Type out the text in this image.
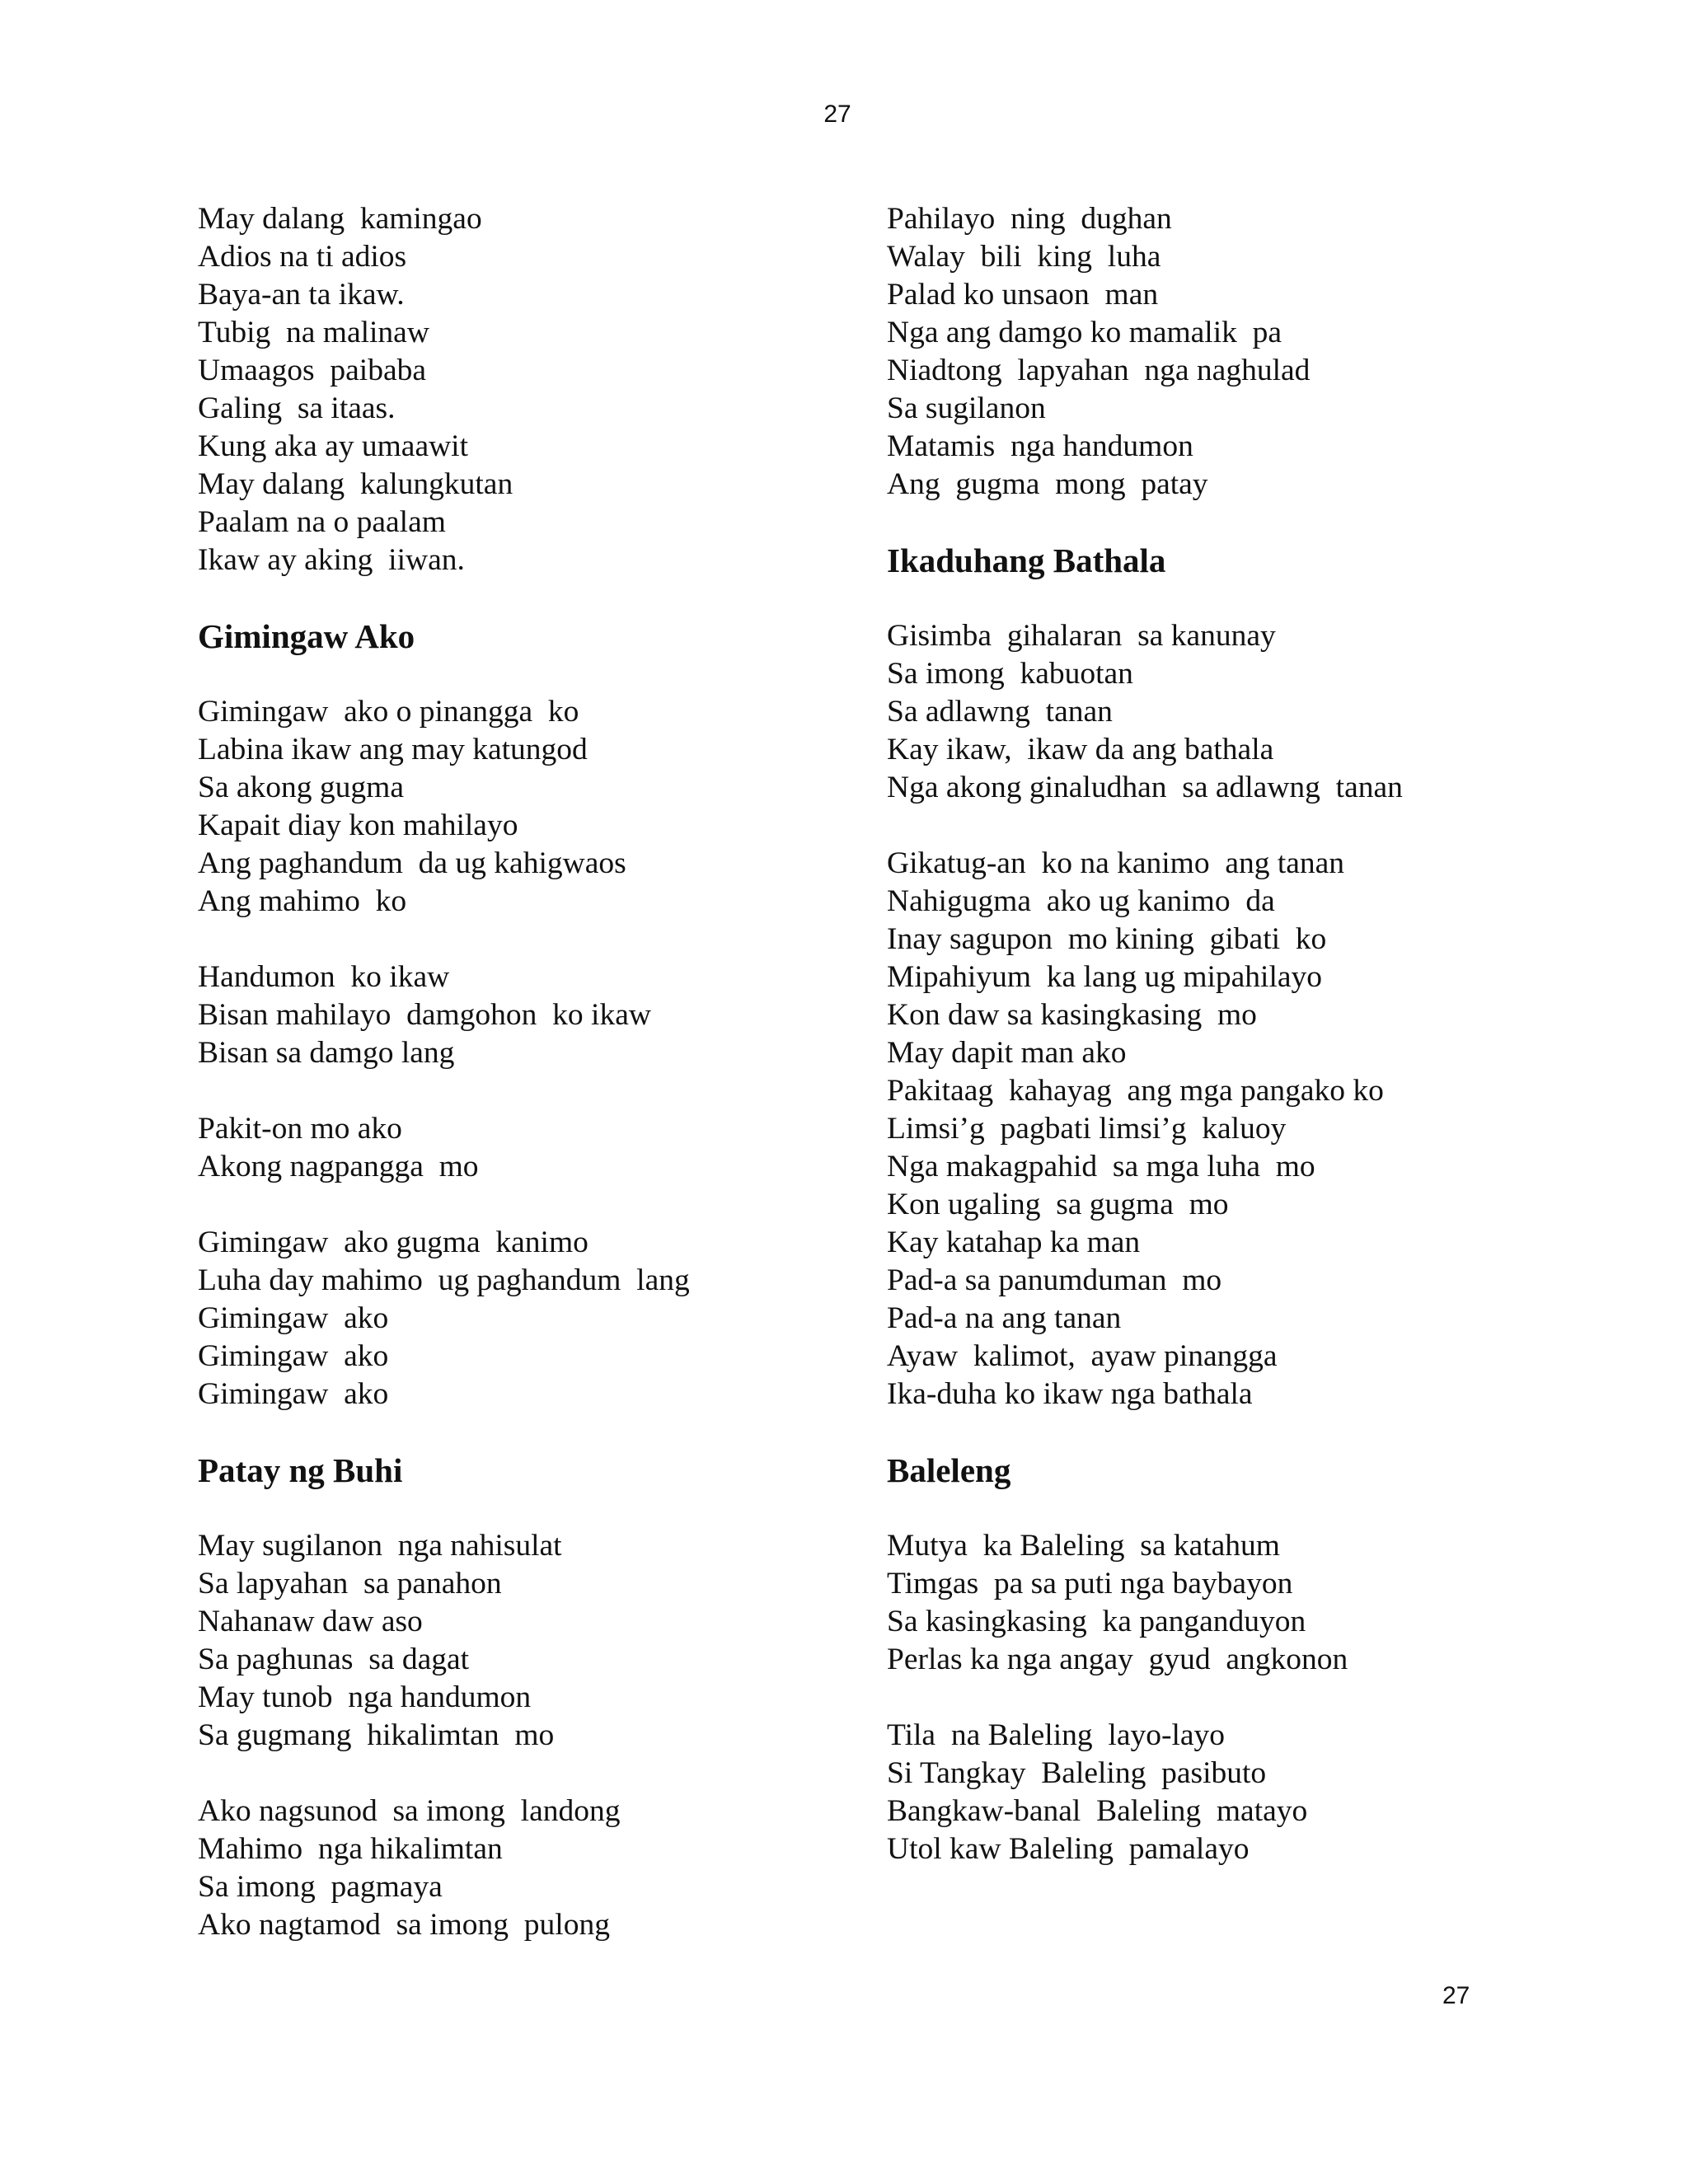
27
May dalang  kamingao
Adios na ti adios
Baya-an ta ikaw.
Tubig  na malinaw
Umaagos  paibaba
Galing  sa itaas.
Kung aka ay umaawit
May dalang  kalungkutan
Paalam na o paalam
Ikaw ay aking  iiwan.
Gimingaw Ako
Gimingaw  ako o pinangga  ko
Labina ikaw ang may katungod
Sa akong gugma
Kapait diay kon mahilayo
Ang paghandum  da ug kahigwaos
Ang mahimo  ko
Handumon  ko ikaw
Bisan mahilayo  damgohon  ko ikaw
Bisan sa damgo lang
Pakit-on mo ako
Akong nagpangga  mo
Gimingaw  ako gugma  kanimo
Luha day mahimo  ug paghandum  lang
Gimingaw  ako
Gimingaw  ako
Gimingaw  ako
Patay ng Buhi
May sugilanon  nga nahisulat
Sa lapyahan  sa panahon
Nahanaw daw aso
Sa paghunas  sa dagat
May tunob  nga handumon
Sa gugmang  hikalimtan  mo
Ako nagsunod  sa imong  landong
Mahimo  nga hikalimtan
Sa imong  pagmaya
Ako nagtamod  sa imong  pulong
Pahilayo  ning  dughan
Walay  bili  king  luha
Palad ko unsaon  man
Nga ang damgo ko mamalik  pa
Niadtong  lapyahan  nga naghulad
Sa sugilanon
Matamis  nga handumon
Ang  gugma  mong  patay
Ikaduhang Bathala
Gisimba  gihalaran  sa kanunay
Sa imong  kabuotan
Sa adlawng  tanan
Kay ikaw,  ikaw da ang bathala
Nga akong ginaludhan  sa adlawng  tanan
Gikatug-an  ko na kanimo  ang tanan
Nahigugma  ako ug kanimo  da
Inay sagupon  mo kining  gibati  ko
Mipahiyum  ka lang ug mipahilayo
Kon daw sa kasingkasing  mo
May dapit man ako
Pakitaag  kahayag  ang mga pangako ko
Limsi’g  pagbati limsi’g  kaluoy
Nga makagpahid  sa mga luha  mo
Kon ugaling  sa gugma  mo
Kay katahap ka man
Pad-a sa panumduman  mo
Pad-a na ang tanan
Ayaw  kalimot,  ayaw pinangga
Ika-duha ko ikaw nga bathala
Baleleng
Mutya  ka Baleling  sa katahum
Timgas  pa sa puti nga baybayon
Sa kasingkasing  ka panganduyon
Perlas ka nga angay  gyud  angkonon
Tila  na Baleling  layo-layo
Si Tangkay  Baleling  pasibuto
Bangkaw-banal  Baleling  matayo
Utol kaw Baleling  pamalayo
27
